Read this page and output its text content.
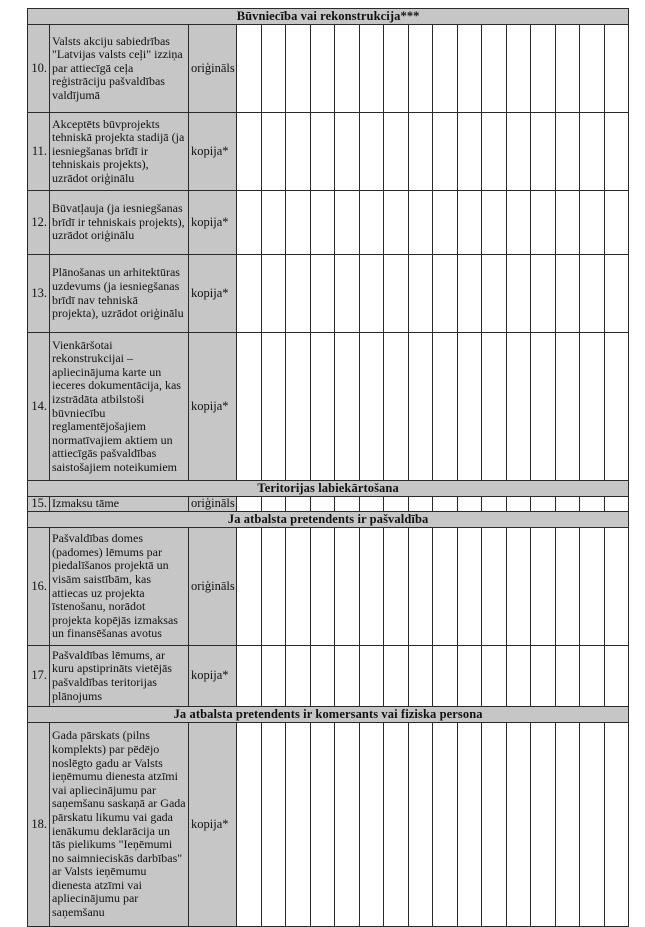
Būvniecība vai rekonstrukcija***																		
10.	Valsts akciju sabiedrības "Latvijas valsts ceļi" izziņa par attiecīgā ceļa reģistrāciju pašvaldības valdījumā	oriģināls																
11.	Akceptēts būvprojekts tehniskā projekta stadijā (ja iesniegšanas brīdī ir tehniskais projekts), uzrādot oriģinālu	kopija*																
12.	Būvatļauja (ja iesniegšanas brīdī ir tehniskais projekts), uzrādot oriģinālu	kopija*																
13.	Plānošanas un arhitektūras uzdevums (ja iesniegšanas brīdī nav tehniskā projekta), uzrādot oriģinālu	kopija*																
14.	Vienkāršotai rekonstrukcijai – apliecinājuma karte un ieceres dokumentācija, kas izstrādāta atbilstoši būvniecību reglamentējošajiem normatīvajiem aktiem un attiecīgās pašvaldības saistošajiem noteikumiem	kopija*																
Teritorijas labiekārtošana																		
15.	Izmaksu tāme	oriģināls																
Ja atbalsta pretendents ir pašvaldība																		
16.	Pašvaldības domes (padomes) lēmums par piedalīšanos projektā un visām saistībām, kas attiecas uz projekta īstenošanu, norādot projekta kopējās izmaksas un finansēšanas avotus	oriģināls																
17.	Pašvaldības lēmums, ar kuru apstiprināts vietējās pašvaldības teritorijas plānojums	kopija*																
Ja atbalsta pretendents ir komersants vai fiziska persona																		
18.	Gada pārskats (pilns komplekts) par pēdējo noslēgto gadu ar Valsts ieņēmumu dienesta atzīmi vai apliecinājumu par saņemšanu saskaņā ar Gada pārskatu likumu vai gada ienākumu deklarācija un tās pielikums "Ieņēmumi no saimnieciskās darbības" ar Valsts ieņēmumu dienesta atzīmi vai apliecinājumu par saņemšanu	kopija*																
